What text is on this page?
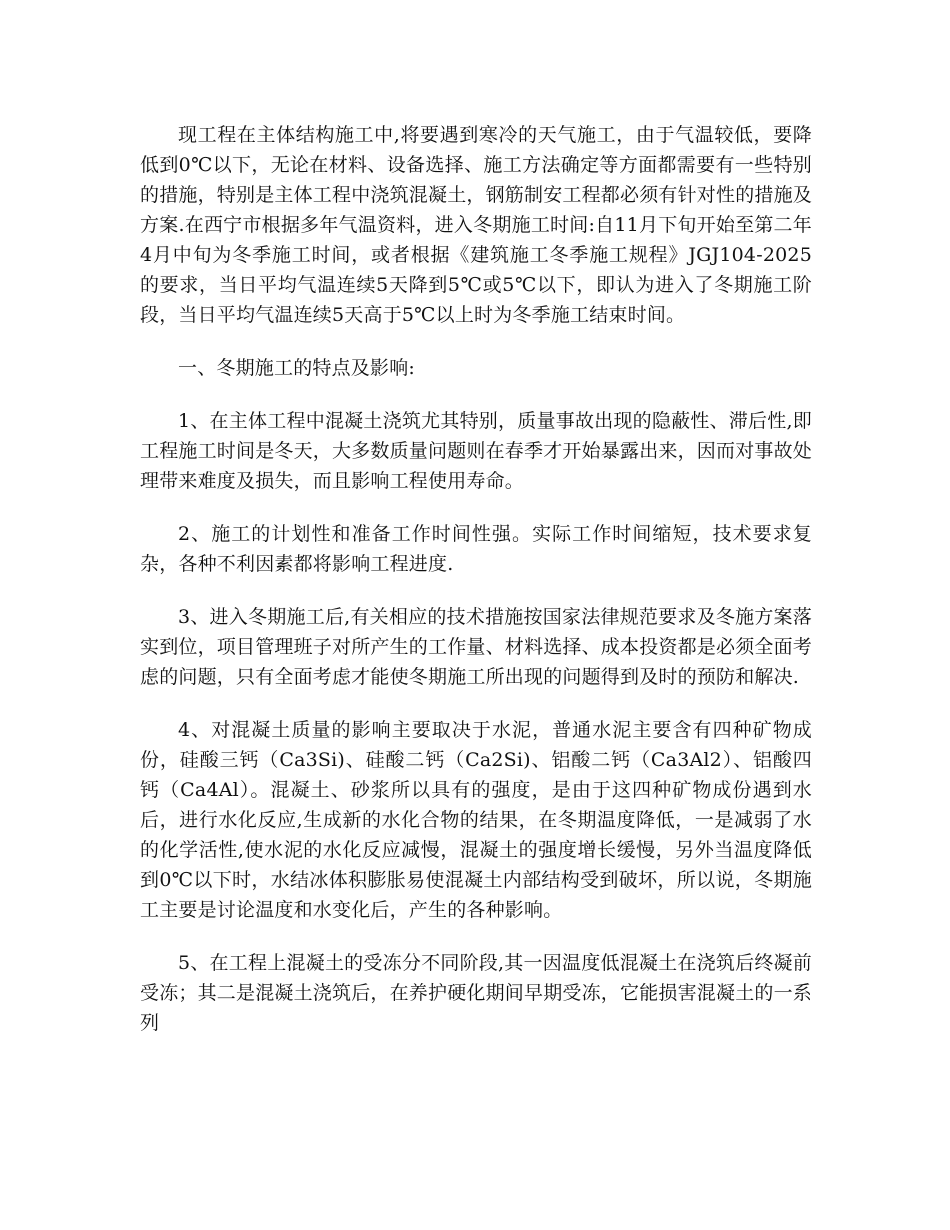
现工程在主体结构施工中,将要遇到寒冷的天气施工，由于气温较低，要降低到0℃以下，无论在材料、设备选择、施工方法确定等方面都需要有一些特别的措施，特别是主体工程中浇筑混凝土，钢筋制安工程都必须有针对性的措施及方案.在西宁市根据多年气温资料，进入冬期施工时间:自11月下旬开始至第二年4月中旬为冬季施工时间，或者根据《建筑施工冬季施工规程》JGJ104-2025的要求，当日平均气温连续5天降到5℃或5℃以下，即认为进入了冬期施工阶段，当日平均气温连续5天高于5℃以上时为冬季施工结束时间。

一、冬期施工的特点及影响:

1、在主体工程中混凝土浇筑尤其特别，质量事故出现的隐蔽性、滞后性,即工程施工时间是冬天，大多数质量问题则在春季才开始暴露出来，因而对事故处理带来难度及损失，而且影响工程使用寿命。

2、施工的计划性和准备工作时间性强。实际工作时间缩短，技术要求复杂，各种不利因素都将影响工程进度.

3、进入冬期施工后,有关相应的技术措施按国家法律规范要求及冬施方案落实到位，项目管理班子对所产生的工作量、材料选择、成本投资都是必须全面考虑的问题，只有全面考虑才能使冬期施工所出现的问题得到及时的预防和解决.

4、对混凝土质量的影响主要取决于水泥，普通水泥主要含有四种矿物成份，硅酸三钙（Ca3Si)、硅酸二钙（Ca2Si)、铝酸二钙（Ca3Al2）、铝酸四钙（Ca4Al）。混凝土、砂浆所以具有的强度，是由于这四种矿物成份遇到水后，进行水化反应,生成新的水化合物的结果，在冬期温度降低，一是减弱了水的化学活性,使水泥的水化反应减慢，混凝土的强度增长缓慢，另外当温度降低到0℃以下时，水结冰体积膨胀易使混凝土内部结构受到破坏，所以说，冬期施工主要是讨论温度和水变化后，产生的各种影响。

5、在工程上混凝土的受冻分不同阶段,其一因温度低混凝土在浇筑后终凝前受冻；其二是混凝土浇筑后，在养护硬化期间早期受冻，它能损害混凝土的一系列
